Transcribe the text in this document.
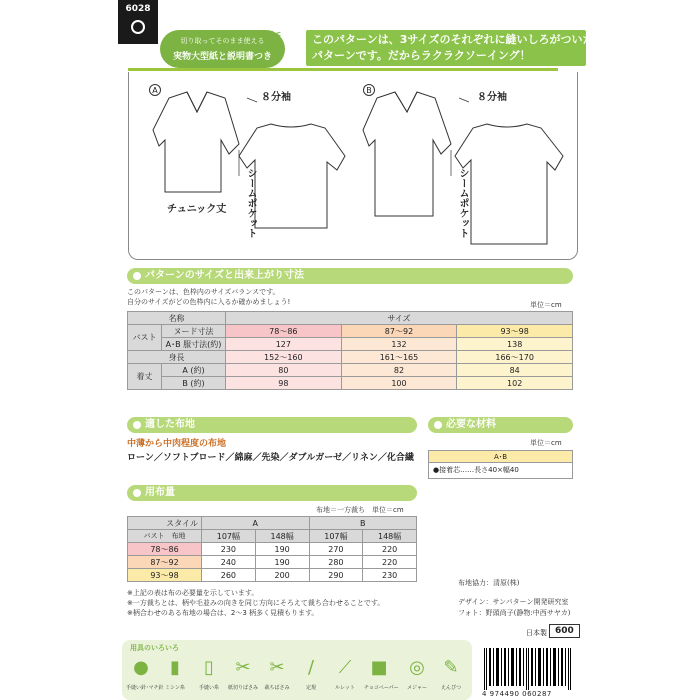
6028
切り取ってそのまま使える
実物大型紙と説明書つき
✂	このパターンは、3サイズのそれぞれに縫いしろがついた
パターンです。だからラクラクソーイング！
A	B
８分袖	８分袖
チュニック丈 シームポケット	シームポケット
パターンのサイズと出来上がり寸法
このパターンは、色枠内のサイズバランスです。
自分のサイズがどの色枠内に入るか確かめましょう!	単位＝cm
名称		サイズ		
バスト	ヌード寸法	78～86	87～92	93～98
	A･B 服寸法(約)	127	132	138
身長		152～160	161～165	166～170
着丈	A (約)	80	82	84
	B (約)	98	100	102
適した布地
中薄から中肉程度の布地
ローン／ソフトブロード／綿麻／先染／ダブルガーゼ／リネン／化合繊
必要な材料
単位＝cm
A･B
●接着芯……長さ40×幅40
用布量
布地＝一方裁ち　単位＝cm
スタイル	A		B	
バスト　 布地	107幅	148幅	107幅	148幅
78～86	230	190	270	220
87～92	240	190	280	220
93～98	260	200	290	230
※上記の表は布の必要量を示しています。
※一方裁ちとは、柄や毛並みの向きを同じ方向にそろえて裁ち合わせることです。
※柄合わせのある布地の場合は、2～3 柄多く見積もります。
布地協力：清原(株)
デザイン：サンパターン開発研究室
フォト：野頭尚子(静物:中西サヤカ)
日本製 600
用具のいろいろ
●
手縫い針･マチ針
▮
ミシン糸
▯
手縫い糸
✂
紙切りばさみ
✂
裁ちばさみ
/
定規
⟋
ルレット
■
チョコペーパー
◎
メジャー
✎
えんぴつ
4 974490 060287
